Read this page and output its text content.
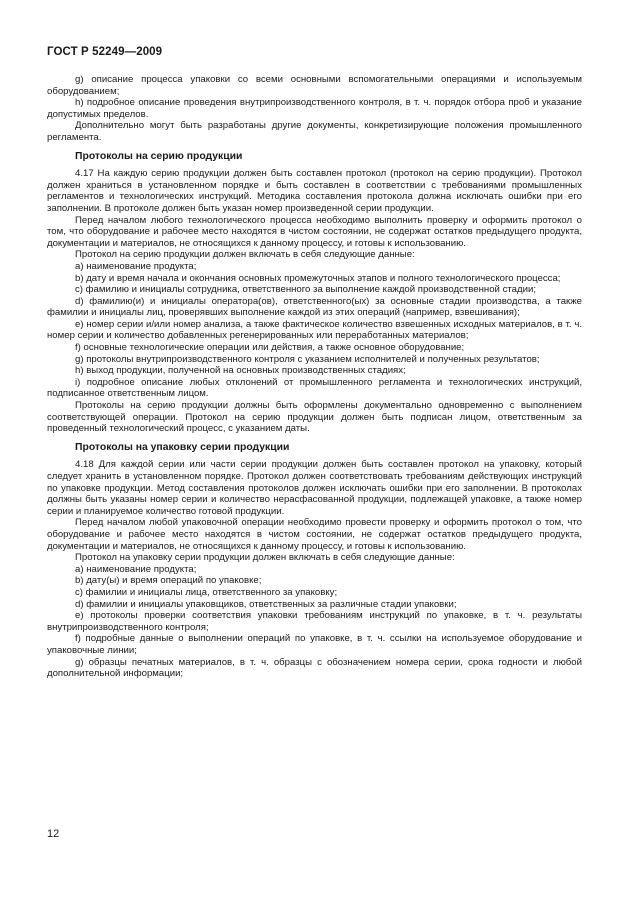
ГОСТ Р 52249—2009

g) описание процесса упаковки со всеми основными вспомогательными операциями и используемым оборудованием;

h) подробное описание проведения внутрипроизводственного контроля, в т. ч. порядок отбора проб и указание допустимых пределов.

Дополнительно могут быть разработаны другие документы, конкретизирующие положения промышленного регламента.

Протоколы на серию продукции

4.17 На каждую серию продукции должен быть составлен протокол (протокол на серию продукции). Протокол должен храниться в установленном порядке и быть составлен в соответствии с требованиями промышленных регламентов и технологических инструкций. Методика составления протокола должна исключать ошибки при его заполнении. В протоколе должен быть указан номер произведенной серии продукции.

Перед началом любого технологического процесса необходимо выполнить проверку и оформить протокол о том, что оборудование и рабочее место находятся в чистом состоянии, не содержат остатков предыдущего продукта, документации и материалов, не относящихся к данному процессу, и готовы к использованию.

Протокол на серию продукции должен включать в себя следующие данные:

a) наименование продукта;

b) дату и время начала и окончания основных промежуточных этапов и полного технологического процесса;

c) фамилию и инициалы сотрудника, ответственного за выполнение каждой производственной стадии;

d) фамилию(и) и инициалы оператора(ов), ответственного(ых) за основные стадии производства, а также фамилии и инициалы лиц, проверявших выполнение каждой из этих операций (например, взвешивания);

e) номер серии и/или номер анализа, а также фактическое количество взвешенных исходных материалов, в т. ч. номер серии и количество добавленных регенерированных или переработанных материалов;

f) основные технологические операции или действия, а также основное оборудование;

g) протоколы внутрипроизводственного контроля с указанием исполнителей и полученных результатов;

h) выход продукции, полученной на основных производственных стадиях;

i) подробное описание любых отклонений от промышленного регламента и технологических инструкций, подписанное ответственным лицом.

Протоколы на серию продукции должны быть оформлены документально одновременно с выполнением соответствующей операции. Протокол на серию продукции должен быть подписан лицом, ответственным за проведенный технологический процесс, с указанием даты.

Протоколы на упаковку серии продукции

4.18 Для каждой серии или части серии продукции должен быть составлен протокол на упаковку, который следует хранить в установленном порядке. Протокол должен соответствовать требованиям действующих инструкций по упаковке продукции. Метод составления протоколов должен исключать ошибки при его заполнении. В протоколах должны быть указаны номер серии и количество нерасфасованной продукции, подлежащей упаковке, а также номер серии и планируемое количество готовой продукции.

Перед началом любой упаковочной операции необходимо провести проверку и оформить протокол о том, что оборудование и рабочее место находятся в чистом состоянии, не содержат остатков предыдущего продукта, документации и материалов, не относящихся к данному процессу, и готовы к использованию.

Протокол на упаковку серии продукции должен включать в себя следующие данные:

a) наименование продукта;

b) дату(ы) и время операций по упаковке;

c) фамилии и инициалы лица, ответственного за упаковку;

d) фамилии и инициалы упаковщиков, ответственных за различные стадии упаковки;

e) протоколы проверки соответствия упаковки требованиям инструкций по упаковке, в т. ч. результаты внутрипроизводственного контроля;

f) подробные данные о выполнении операций по упаковке, в т. ч. ссылки на используемое оборудование и упаковочные линии;

g) образцы печатных материалов, в т. ч. образцы с обозначением номера серии, срока годности и любой дополнительной информации;

12
